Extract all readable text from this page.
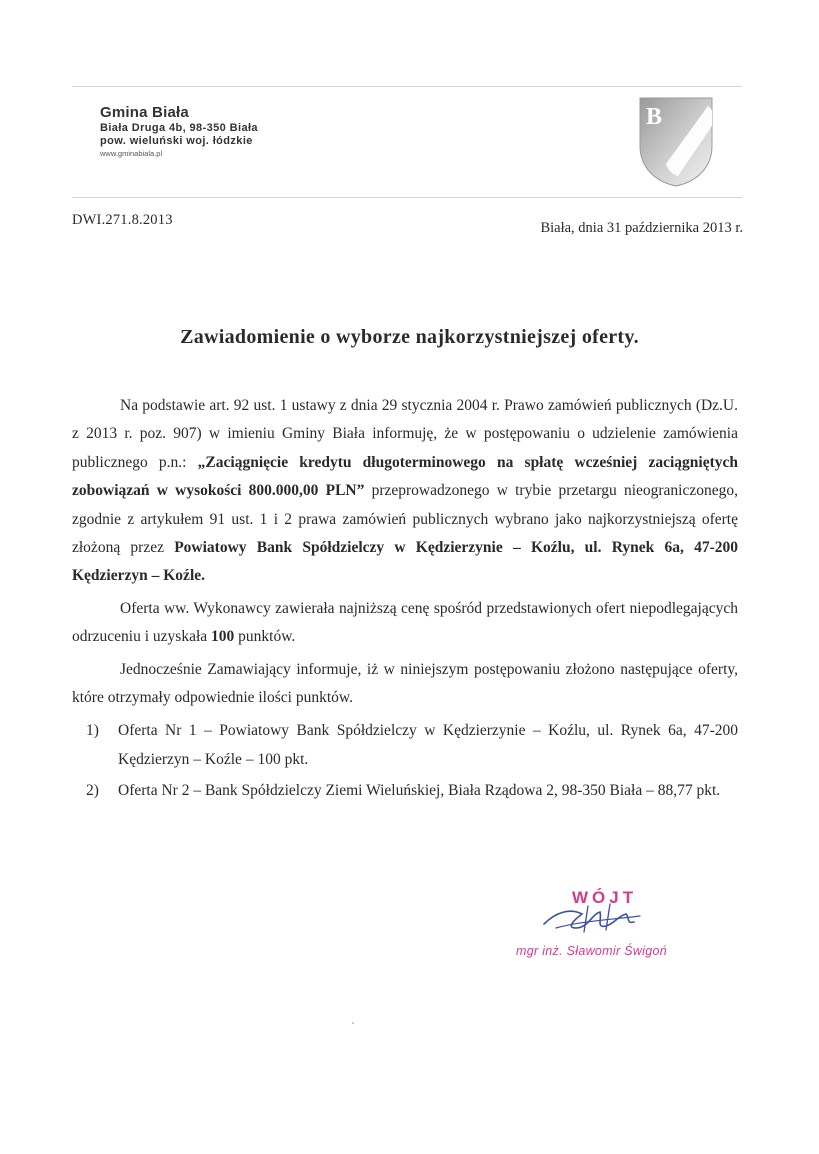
Gmina Biała
Biała Druga 4b, 98-350 Biała
pow. wieluński woj. łódzkie
www.gminabiala.pl
B
DWI.271.8.2013	Biała, dnia 31 października 2013 r.
Zawiadomienie o wyborze najkorzystniejszej oferty.

Na podstawie art. 92 ust. 1 ustawy z dnia 29 stycznia 2004 r. Prawo zamówień publicznych (Dz.U. z 2013 r. poz. 907) w imieniu Gminy Biała informuję, że w postępowaniu o udzielenie zamówienia publicznego p.n.: „Zaciągnięcie kredytu długoterminowego na spłatę wcześniej zaciągniętych zobowiązań w wysokości 800.000,00 PLN” przeprowadzonego w trybie przetargu nieograniczonego, zgodnie z artykułem 91 ust. 1 i 2 prawa zamówień publicznych wybrano jako najkorzystniejszą ofertę złożoną przez Powiatowy Bank Spółdzielczy w Kędzierzynie – Koźlu, ul. Rynek 6a, 47-200 Kędzierzyn – Koźle.

Oferta ww. Wykonawcy zawierała najniższą cenę spośród przedstawionych ofert niepodlegających odrzuceniu i uzyskała 100 punktów.

Jednocześnie Zamawiający informuje, iż w niniejszym postępowaniu złożono następujące oferty, które otrzymały odpowiednie ilości punktów.

1) Oferta Nr 1 – Powiatowy Bank Spółdzielczy w Kędzierzynie – Koźlu, ul. Rynek 6a, 47-200 Kędzierzyn – Koźle – 100 pkt.
2) Oferta Nr 2 – Bank Spółdzielczy Ziemi Wieluńskiej, Biała Rządowa 2, 98-350 Biała – 88,77 pkt.
WÓJT
mgr inż. Sławomir Świgoń
